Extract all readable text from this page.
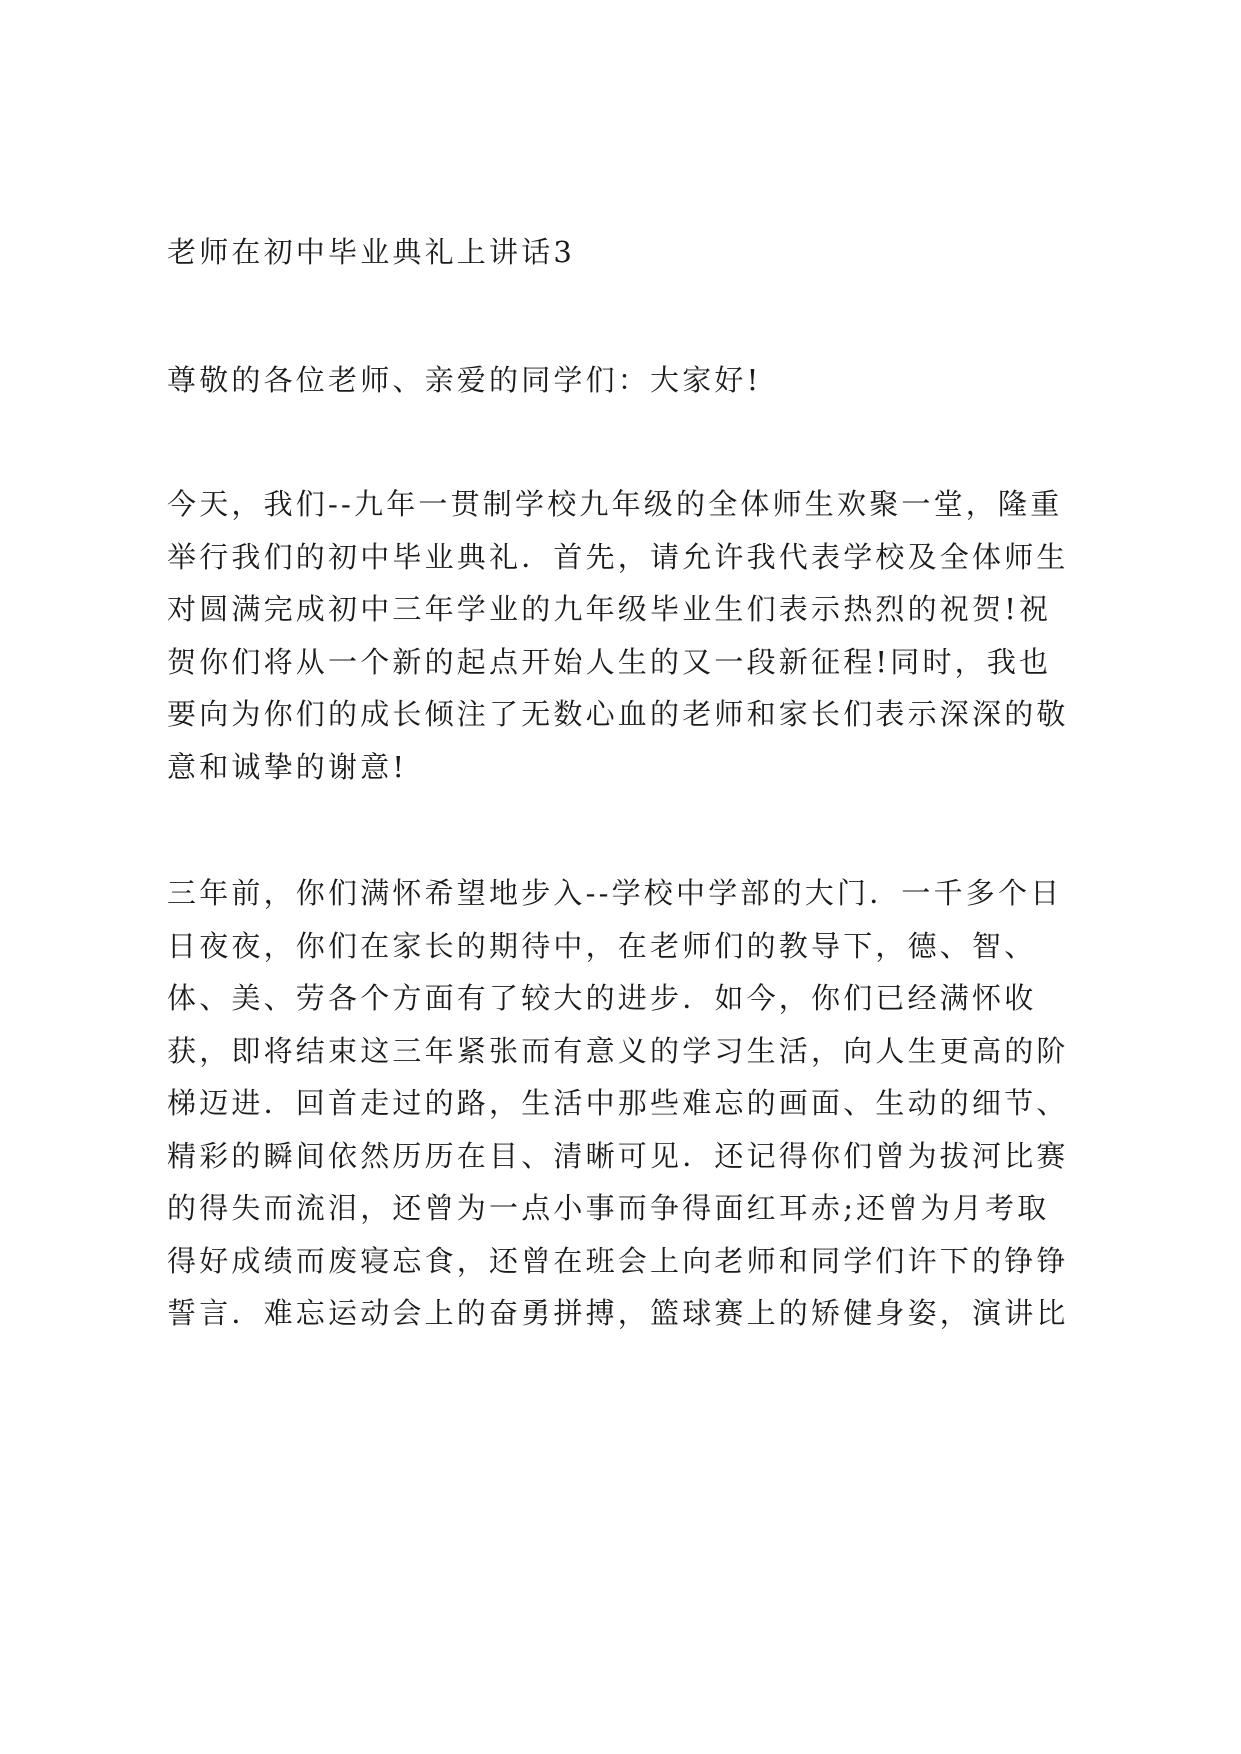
老师在初中毕业典礼上讲话3

尊敬的各位老师、亲爱的同学们：大家好!

今天，我们--九年一贯制学校九年级的全体师生欢聚一堂，隆重

举行我们的初中毕业典礼．首先，请允许我代表学校及全体师生

对圆满完成初中三年学业的九年级毕业生们表示热烈的祝贺!祝

贺你们将从一个新的起点开始人生的又一段新征程!同时，我也

要向为你们的成长倾注了无数心血的老师和家长们表示深深的敬

意和诚挚的谢意!

三年前，你们满怀希望地步入--学校中学部的大门．一千多个日

日夜夜，你们在家长的期待中，在老师们的教导下，德、智、

体、美、劳各个方面有了较大的进步．如今，你们已经满怀收

获，即将结束这三年紧张而有意义的学习生活，向人生更高的阶

梯迈进．回首走过的路，生活中那些难忘的画面、生动的细节、

精彩的瞬间依然历历在目、清晰可见．还记得你们曾为拔河比赛

的得失而流泪，还曾为一点小事而争得面红耳赤;还曾为月考取

得好成绩而废寝忘食，还曾在班会上向老师和同学们许下的铮铮

誓言．难忘运动会上的奋勇拼搏，篮球赛上的矫健身姿，演讲比
